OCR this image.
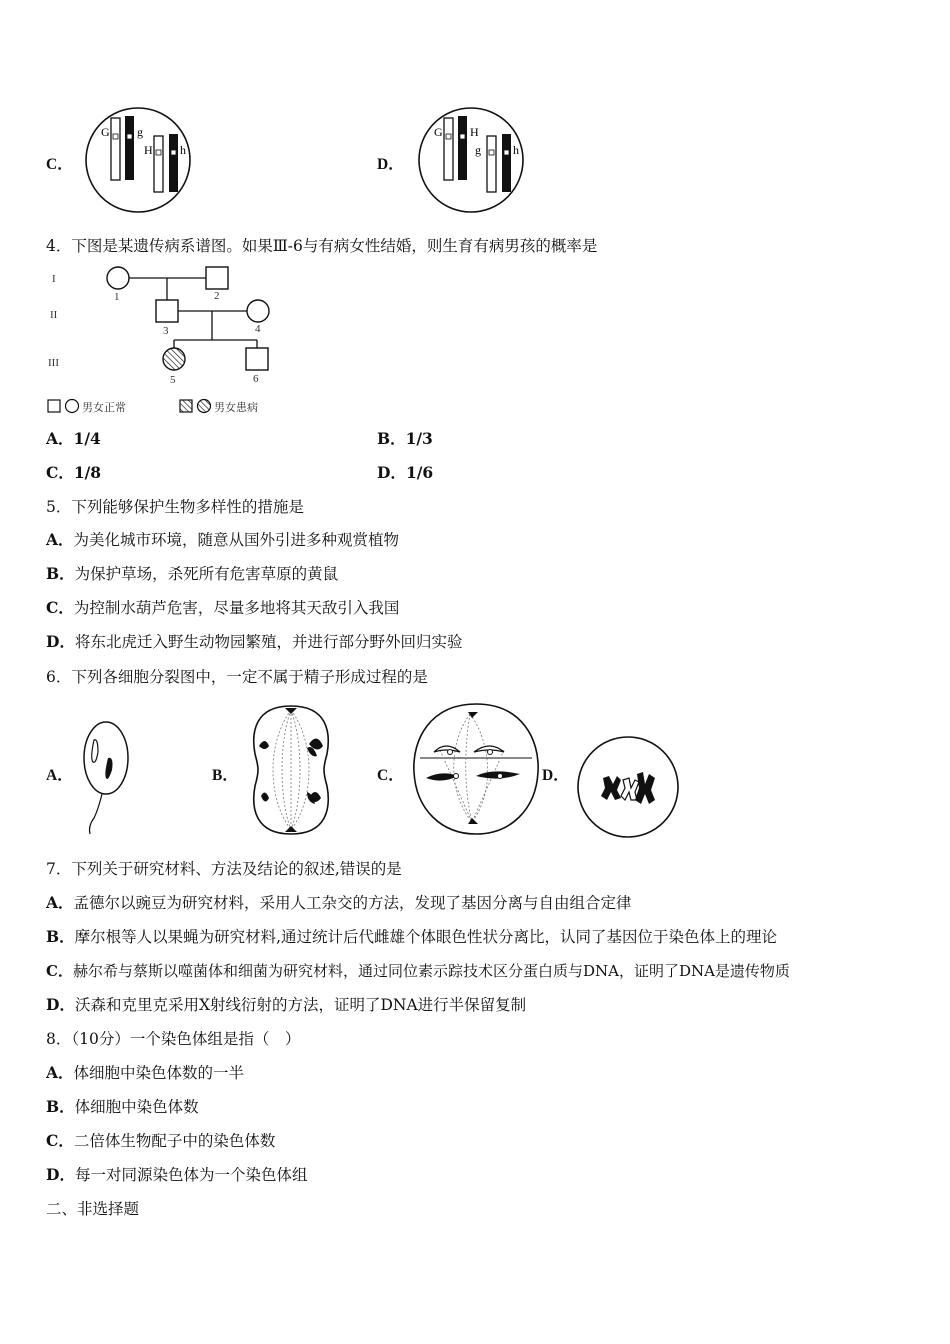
C．
G g
H h
D．
G H
g	h
4．下图是某遗传病系谱图。如果Ⅲ-6与有病女性结婚，则生育有病男孩的概率是
I
II
III
1	2
3	4
5	6
男女正常	男女患病
A．1/4	B．1/3
C．1/8	D．1/6
5．下列能够保护生物多样性的措施是
A．为美化城市环境，随意从国外引进多种观赏植物
B．为保护草场，杀死所有危害草原的黄鼠
C．为控制水葫芦危害，尽量多地将其天敌引入我国
D．将东北虎迁入野生动物园繁殖，并进行部分野外回归实验
6．下列各细胞分裂图中，一定不属于精子形成过程的是
A．	B．	C．	D．
7．下列关于研究材料、方法及结论的叙述,错误的是
A．孟德尔以豌豆为研究材料，采用人工杂交的方法，发现了基因分离与自由组合定律
B．摩尔根等人以果蝇为研究材料,通过统计后代雌雄个体眼色性状分离比，认同了基因位于染色体上的理论
C．赫尔希与蔡斯以噬菌体和细菌为研究材料，通过同位素示踪技术区分蛋白质与DNA，证明了DNA是遗传物质
D．沃森和克里克采用X射线衍射的方法，证明了DNA进行半保留复制
8．（10分）一个染色体组是指（　）
A．体细胞中染色体数的一半
B．体细胞中染色体数
C．二倍体生物配子中的染色体数
D．每一对同源染色体为一个染色体组
二、非选择题
